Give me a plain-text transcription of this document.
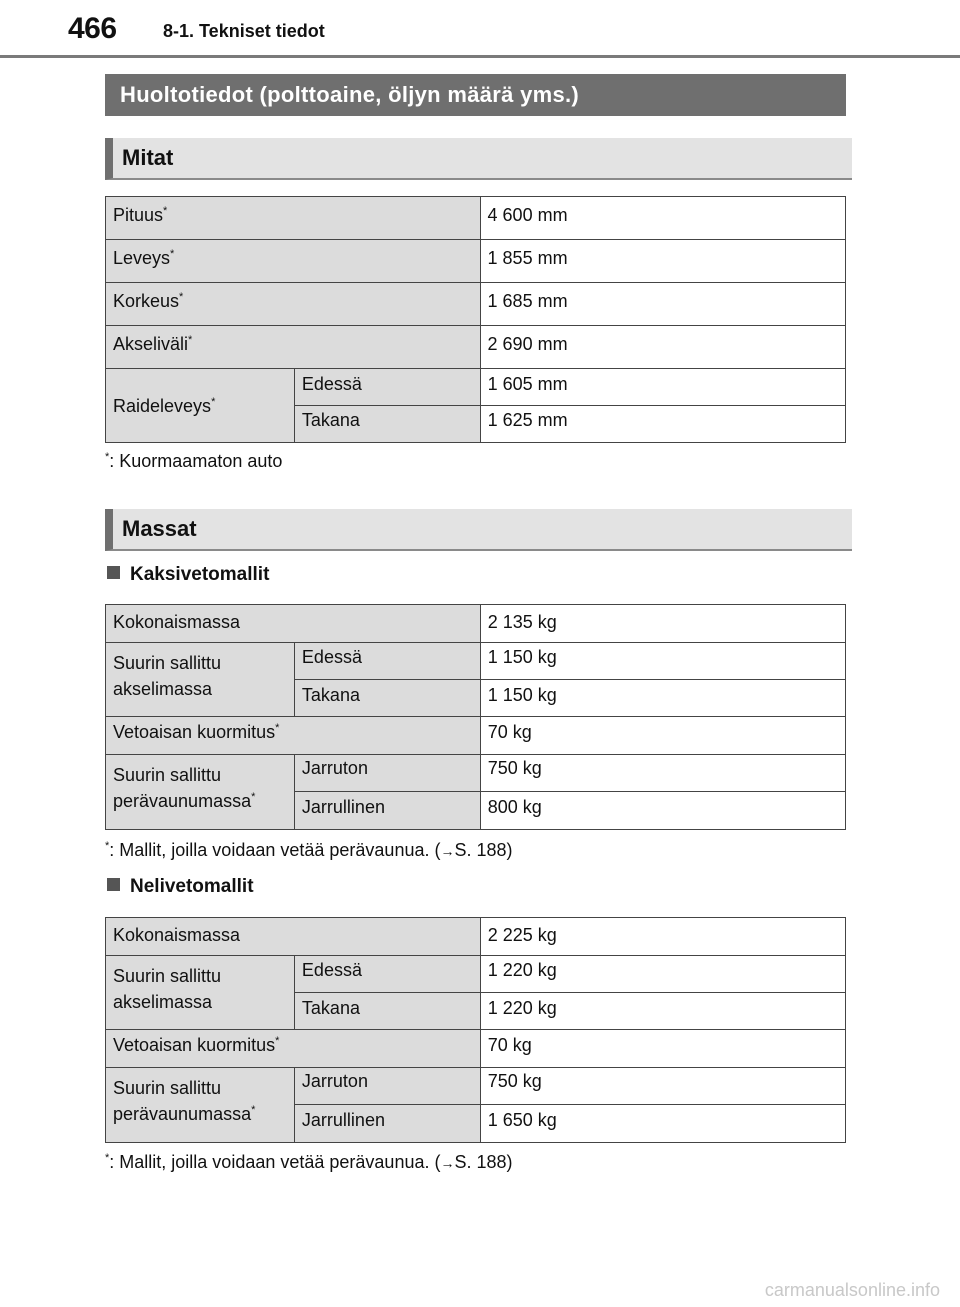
466	8-1. Tekniset tiedot
Huoltotiedot (polttoaine, öljyn määrä yms.)
Mitat
Pituus*	4 600 mm

Leveys*	1 855 mm

Korkeus*	1 685 mm

Akseliväli*	2 690 mm
Raideleveys*	Edessä	1 605 mm

	Takana	1 625 mm
*: Kuormaamaton auto
Massat
Kaksivetomallit
Kokonaismassa		2 135 kg

Suurin sallittu
akselimassa	Edessä	1 150 kg

	Takana	1 150 kg

Vetoaisan kuormitus*		70 kg

Suurin sallittu
perävaunumassa*	Jarruton	750 kg

	Jarrullinen	800 kg
*: Mallit, joilla voidaan vetää perävaunua. (→S. 188)
Nelivetomallit
Kokonaismassa		2 225 kg

Suurin sallittu
akselimassa	Edessä	1 220 kg

	Takana	1 220 kg

Vetoaisan kuormitus*		70 kg

Suurin sallittu
perävaunumassa*	Jarruton	750 kg

	Jarrullinen	1 650 kg
*: Mallit, joilla voidaan vetää perävaunua. (→S. 188)
carmanualsonline.info
